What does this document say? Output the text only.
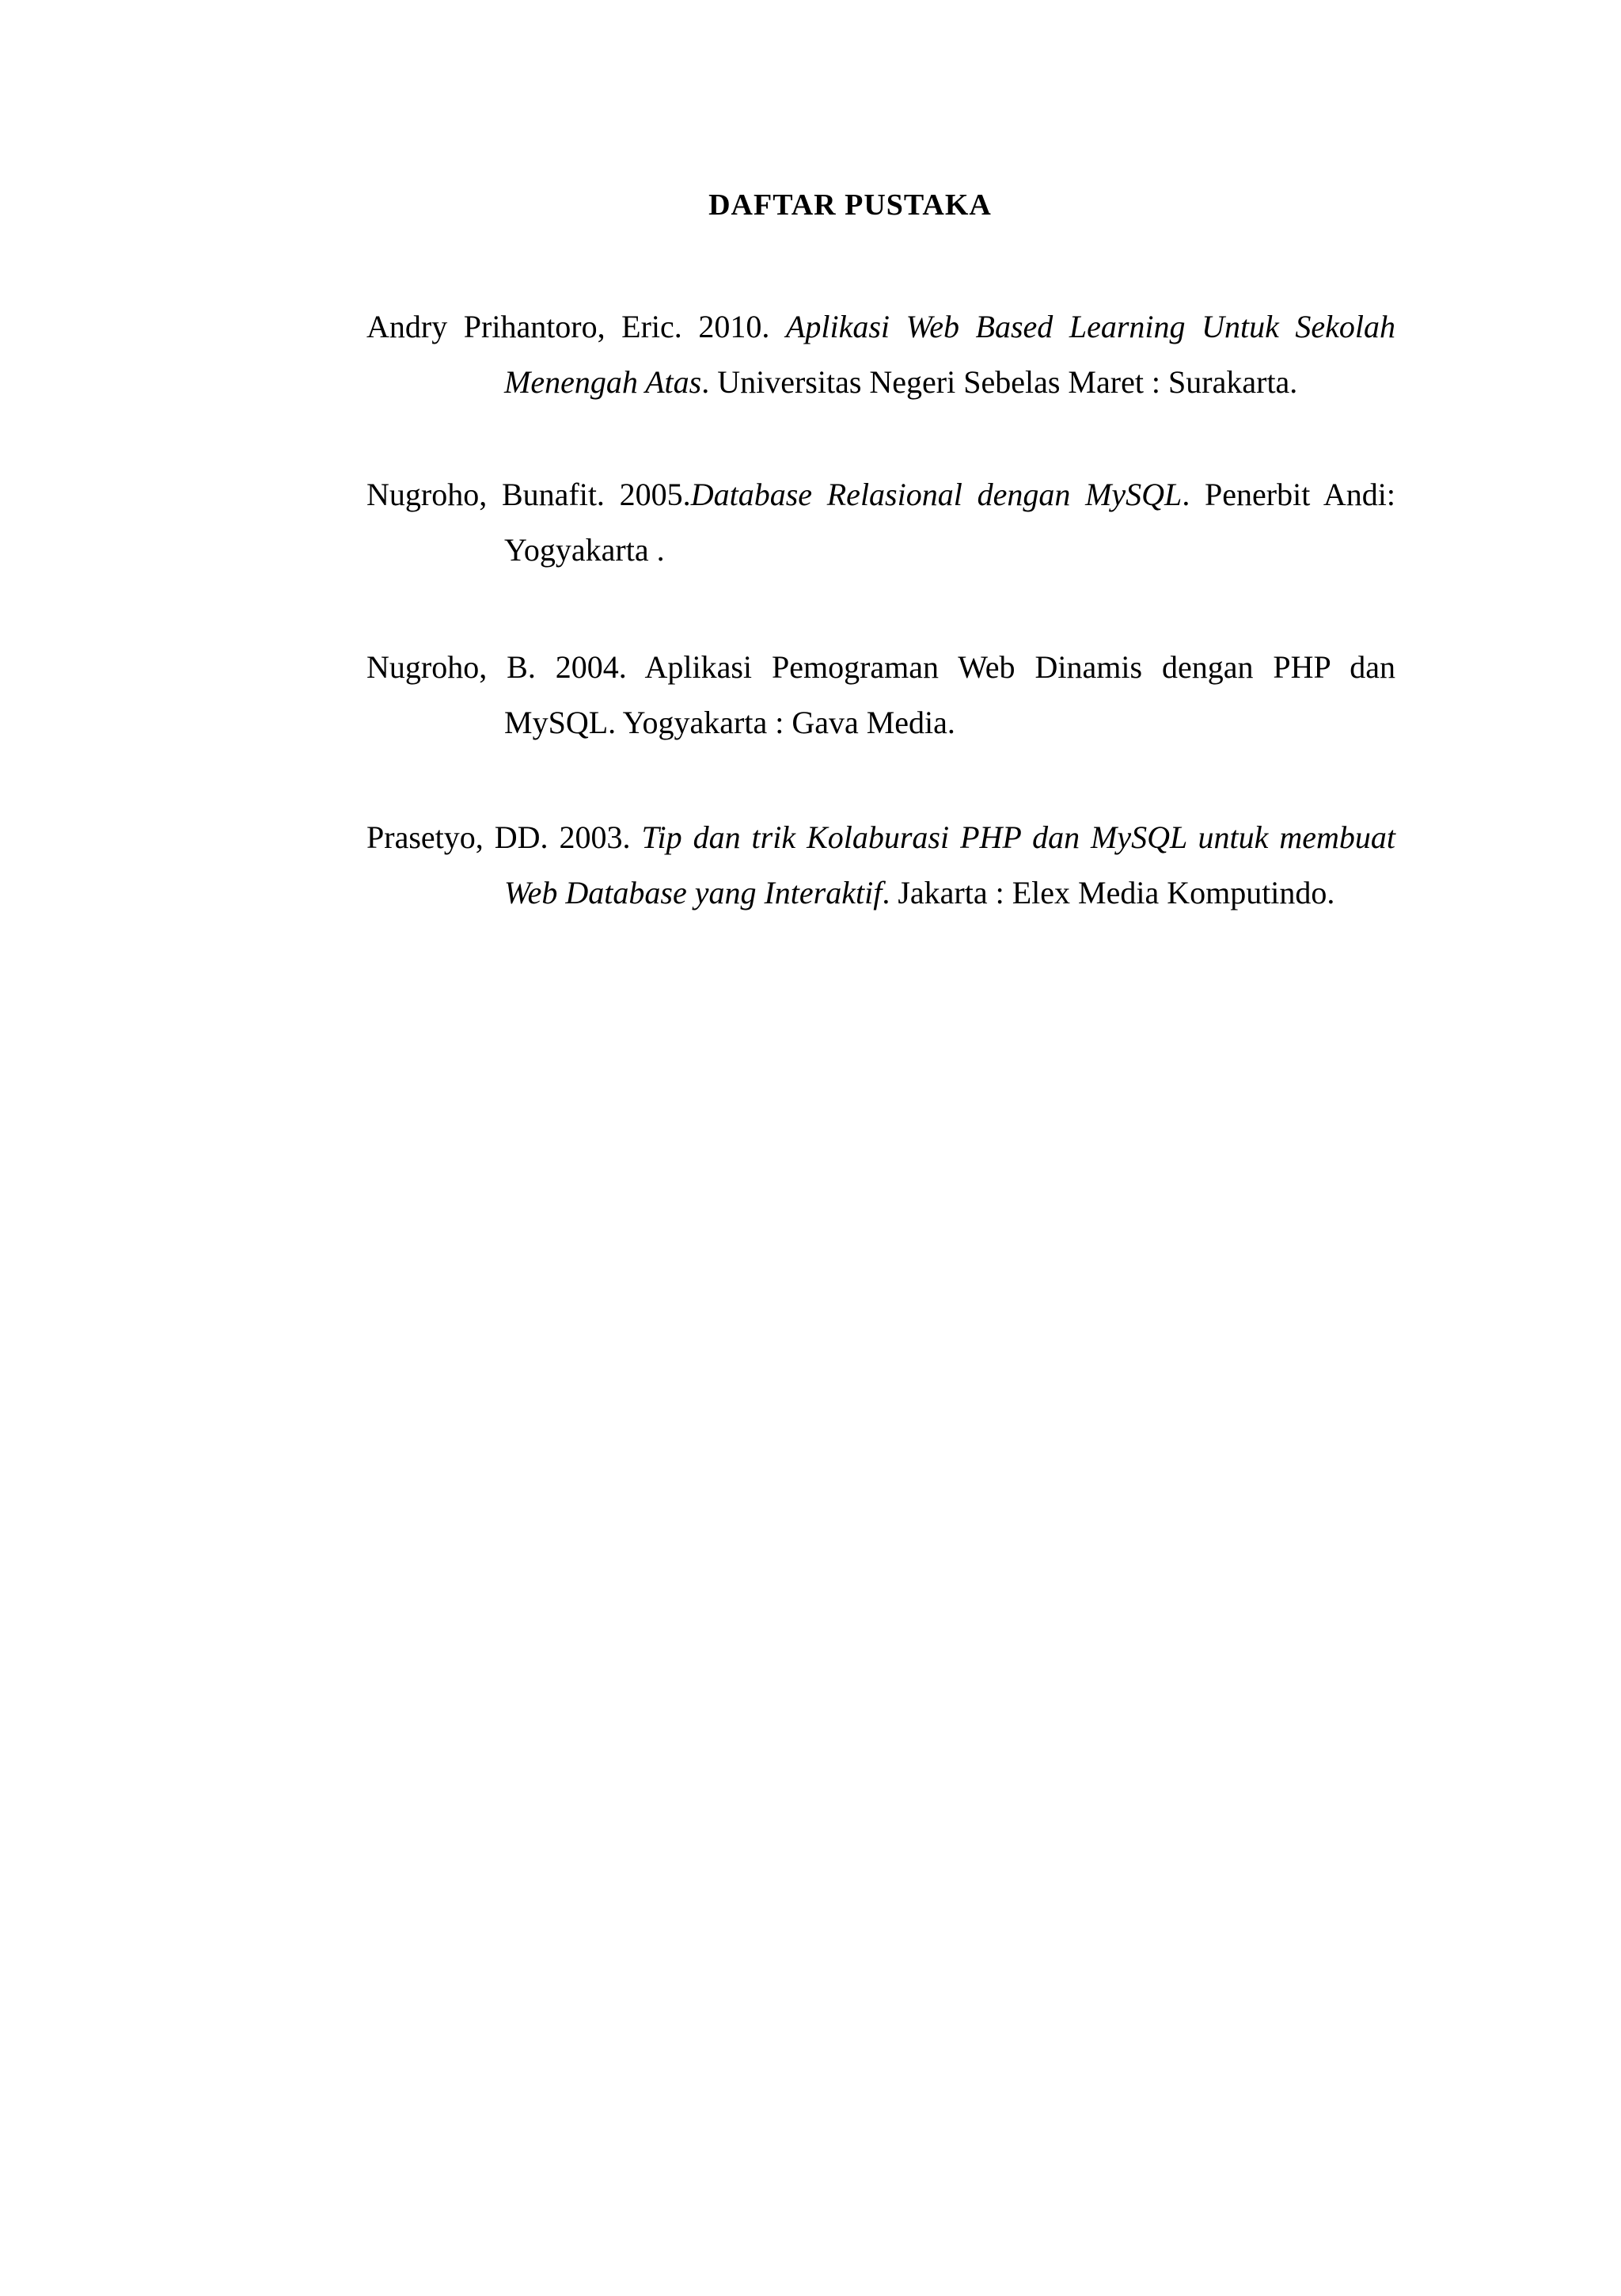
DAFTAR PUSTAKA

Andry Prihantoro, Eric. 2010. Aplikasi Web Based Learning Untuk Sekolah Menengah Atas. Universitas Negeri Sebelas Maret : Surakarta.

Nugroho, Bunafit. 2005.Database Relasional dengan MySQL. Penerbit Andi: Yogyakarta .

Nugroho, B. 2004. Aplikasi Pemograman Web Dinamis dengan PHP dan MySQL. Yogyakarta : Gava Media.

Prasetyo, DD. 2003. Tip dan trik Kolaburasi PHP dan MySQL untuk membuat Web Database yang Interaktif. Jakarta : Elex Media Komputindo.
